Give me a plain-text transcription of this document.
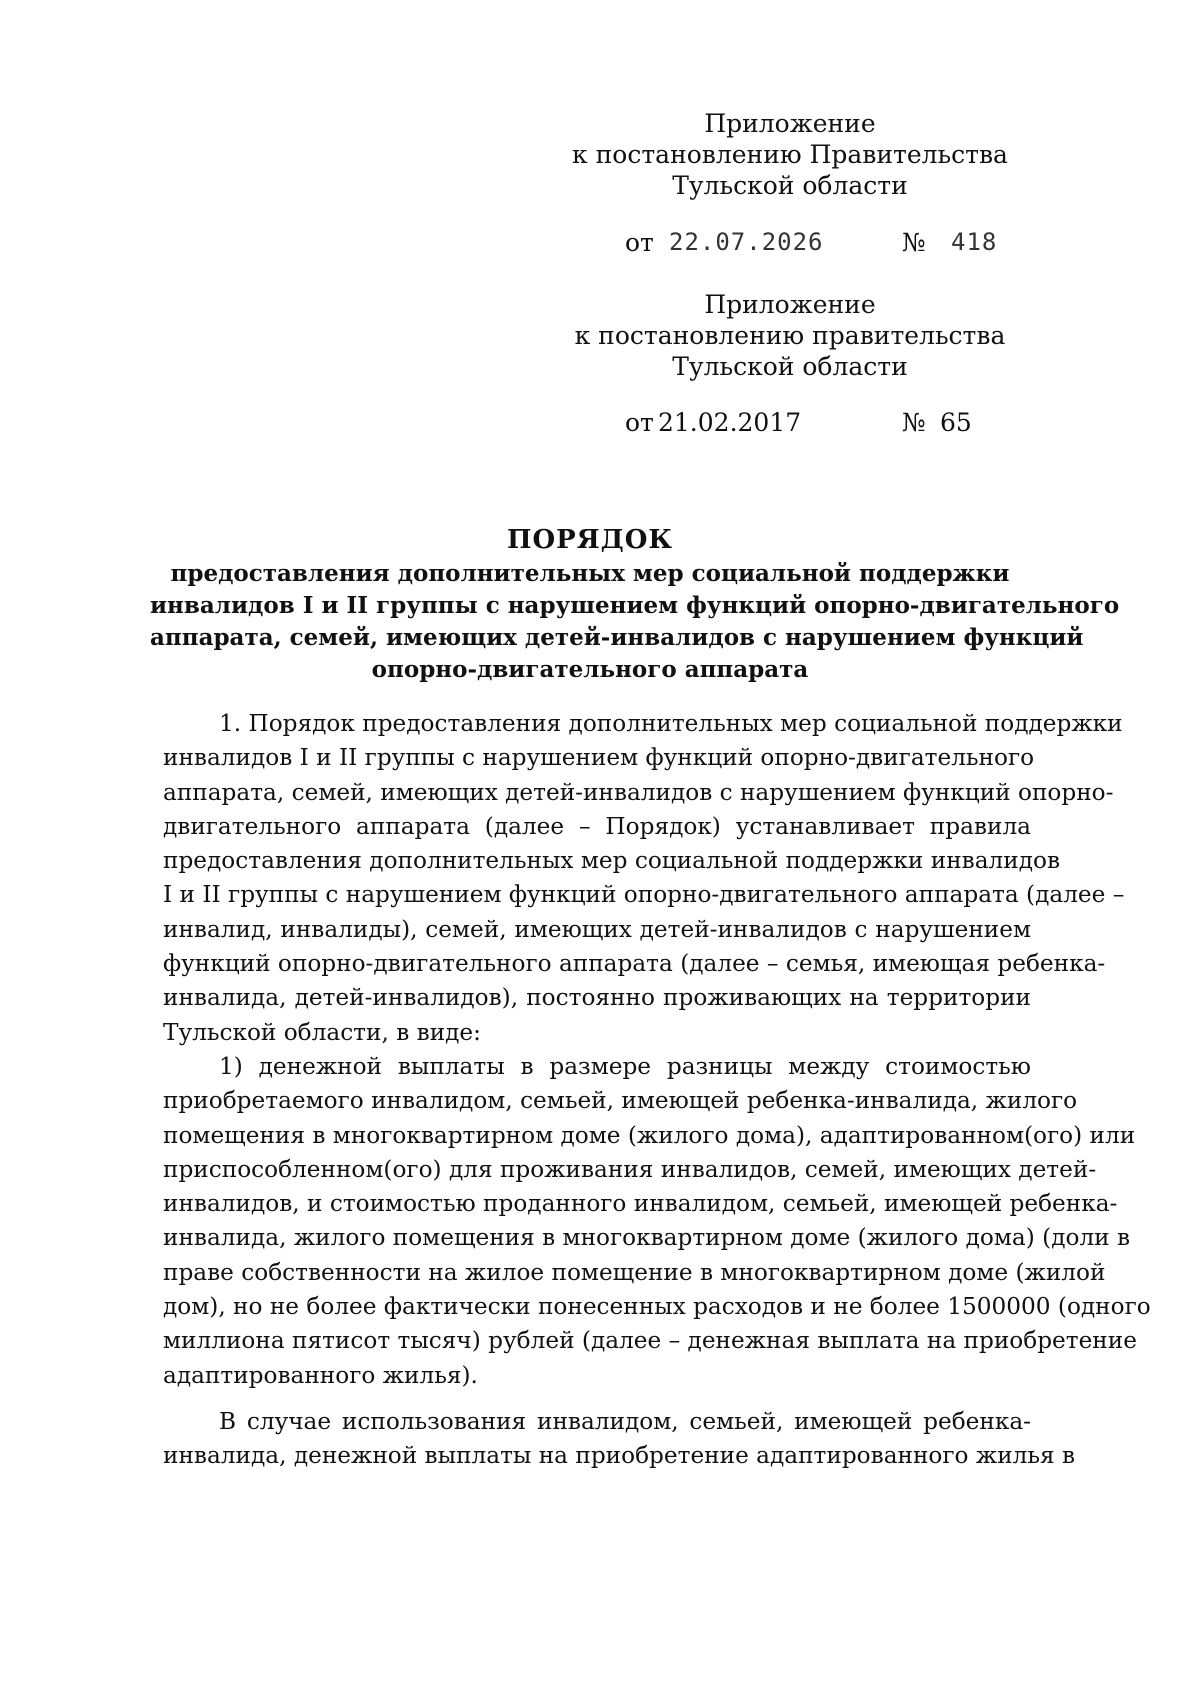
Приложение
к постановлению Правительства
Тульской области
от 22.07.2026	№ 418
Приложение
к постановлению правительства
Тульской области
от 21.02.2017	№ 65
ПОРЯДОК
предоставления дополнительных мер социальной поддержки
инвалидов I и II группы с нарушением функций опорно-двигательного
аппарата, семей, имеющих детей-инвалидов с нарушением функций
опорно-двигательного аппарата
1. Порядок предоставления дополнительных мер социальной поддержки
инвалидов I и II группы с нарушением функций опорно-двигательного
аппарата, семей, имеющих детей-инвалидов с нарушением функций опорно-
двигательного аппарата (далее – Порядок) устанавливает правила
предоставления дополнительных мер социальной поддержки инвалидов
I и II группы с нарушением функций опорно-двигательного аппарата (далее –
инвалид, инвалиды), семей, имеющих детей-инвалидов с нарушением
функций опорно-двигательного аппарата (далее – семья, имеющая ребенка-
инвалида, детей-инвалидов), постоянно проживающих на территории
Тульской области, в виде:
1) денежной выплаты в размере разницы между стоимостью
приобретаемого инвалидом, семьей, имеющей ребенка-инвалида, жилого
помещения в многоквартирном доме (жилого дома), адаптированном(ого) или
приспособленном(ого) для проживания инвалидов, семей, имеющих детей-
инвалидов, и стоимостью проданного инвалидом, семьей, имеющей ребенка-
инвалида, жилого помещения в многоквартирном доме (жилого дома) (доли в
праве собственности на жилое помещение в многоквартирном доме (жилой
дом), но не более фактически понесенных расходов и не более 1500000 (одного
миллиона пятисот тысяч) рублей (далее – денежная выплата на приобретение
адаптированного жилья).
В случае использования инвалидом, семьей, имеющей ребенка-
инвалида, денежной выплаты на приобретение адаптированного жилья в
